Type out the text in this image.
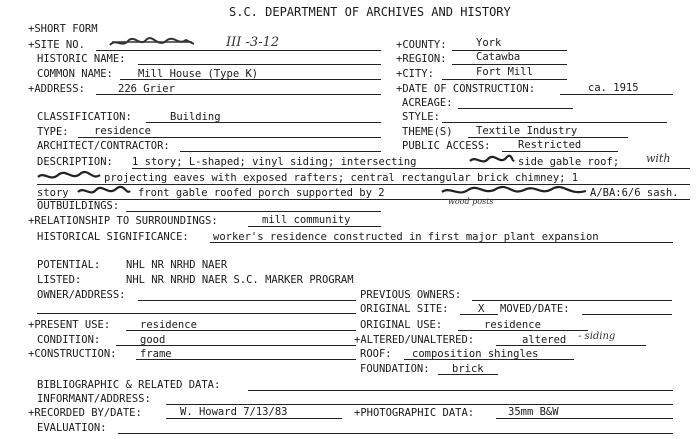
S.C. DEPARTMENT OF ARCHIVES AND HISTORY
+SHORT FORM
+SITE NO.	III -3-12
HISTORIC NAME:
COMMON NAME: Mill House (Type K)
+ADDRESS:	226 Grier
+COUNTY:	York
+REGION:	Catawba
+CITY:	Fort Mill
+DATE OF CONSTRUCTION:	ca. 1915
ACREAGE:
CLASSIFICATION:	Building
TYPE: residence
ARCHITECT/CONTRACTOR:
STYLE:
THEME(S) Textile Industry
PUBLIC ACCESS:	Restricted
DESCRIPTION: 1 story; L-shaped; vinyl siding; intersecting	side gable roof; with
projecting eaves with exposed rafters; central rectangular brick chimney; 1
story	front gable roofed porch supported by 2	A/BA:6/6 sash.
wood posts
OUTBUILDINGS:
+RELATIONSHIP TO SURROUNDINGS:	mill community
HISTORICAL SIGNIFICANCE: worker's residence constructed in first major plant expansion
POTENTIAL: NHL NR NRHD NAER
LISTED:	NHL NR NRHD NAER S.C. MARKER PROGRAM
OWNER/ADDRESS:	PREVIOUS OWNERS:
ORIGINAL SITE:	X MOVED/DATE:
+PRESENT USE:	residence	ORIGINAL USE:	residence
CONDITION:	good	+ALTERED/UNALTERED:	altered - siding
+CONSTRUCTION: frame	ROOF: composition shingles
FOUNDATION: brick
BIBLIOGRAPHIC & RELATED DATA:
INFORMANT/ADDRESS:
+RECORDED BY/DATE:	W. Howard 7/13/83	+PHOTOGRAPHIC DATA:	35mm B&W
EVALUATION:
